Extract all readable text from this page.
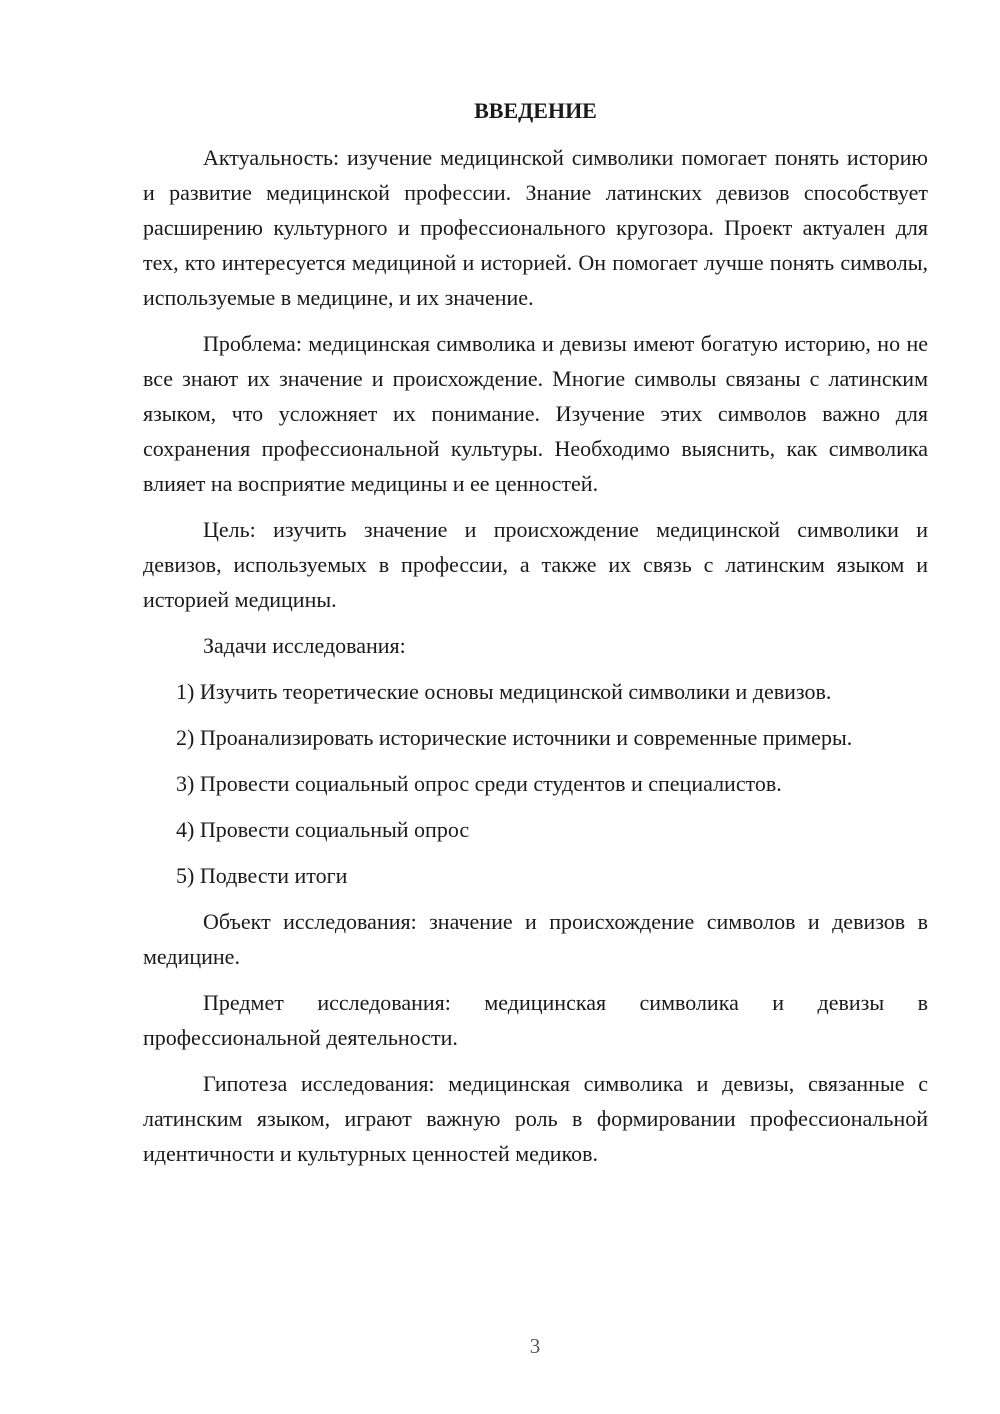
ВВЕДЕНИЕ

Актуальность: изучение медицинской символики помогает понять историю и развитие медицинской профессии. Знание латинских девизов способствует расширению культурного и профессионального кругозора. Проект актуален для тех, кто интересуется медициной и историей. Он помогает лучше понять символы, используемые в медицине, и их значение.

Проблема: медицинская символика и девизы имеют богатую историю, но не все знают их значение и происхождение. Многие символы связаны с латинским языком, что усложняет их понимание. Изучение этих символов важно для сохранения профессиональной культуры. Необходимо выяснить, как символика влияет на восприятие медицины и ее ценностей.

Цель: изучить значение и происхождение медицинской символики и девизов, используемых в профессии, а также их связь с латинским языком и историей медицины.

Задачи исследования:

1) Изучить теоретические основы медицинской символики и девизов.

2) Проанализировать исторические источники и современные примеры.

3) Провести социальный опрос среди студентов и специалистов.

4) Провести социальный опрос

5) Подвести итоги

Объект исследования: значение и происхождение символов и девизов в медицине.

Предмет исследования: медицинская символика и девизы в профессиональной деятельности.

Гипотеза исследования: медицинская символика и девизы, связанные с латинским языком, играют важную роль в формировании профессиональной идентичности и культурных ценностей медиков.

3
